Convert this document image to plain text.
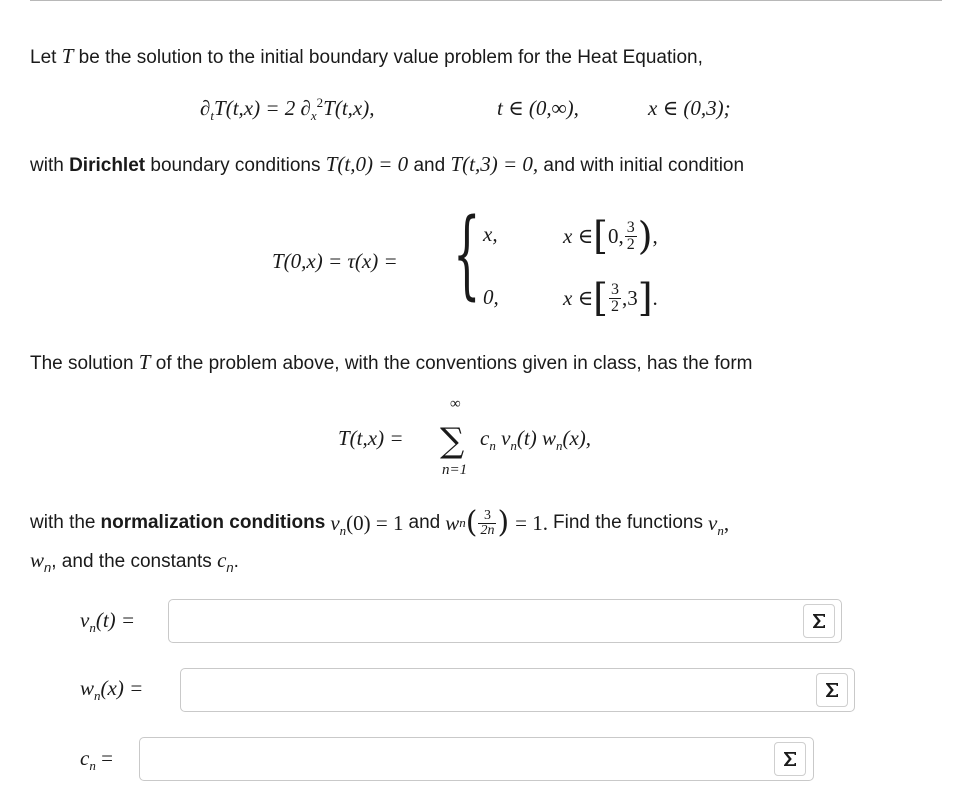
Let T be the solution to the initial boundary value problem for the Heat Equation,
$\partial_tT(t,x) = 2$ $\partial_x^2T(t,x)$,	t ∈ (0,∞),	x ∈ (0,3);
with Dirichlet boundary conditions T(t,0) = 0 and T(t,3) = 0, and with initial condition
T(0,x) = τ(x) = { x,	x ∈ [ 0, $\frac{3}{2}$ ) ,
0,	x ∈ [ $\frac{3}{2} ,3$ ] .
The solution T of the problem above, with the conventions given in class, has the form
T(t,x) =
∞
∑
n=1
$c_n$ $v_n(t)$ $w_n(x)$,
with the normalization conditions $v_n(0) = 1$ and w n ( $\frac{3}{2n}$ ) = 1. Find the functions $v_n$,
$w_n$, and the constants $c_n$.
$v_n(t)$ =
$w_n(x)$ =
$c_n$ =
